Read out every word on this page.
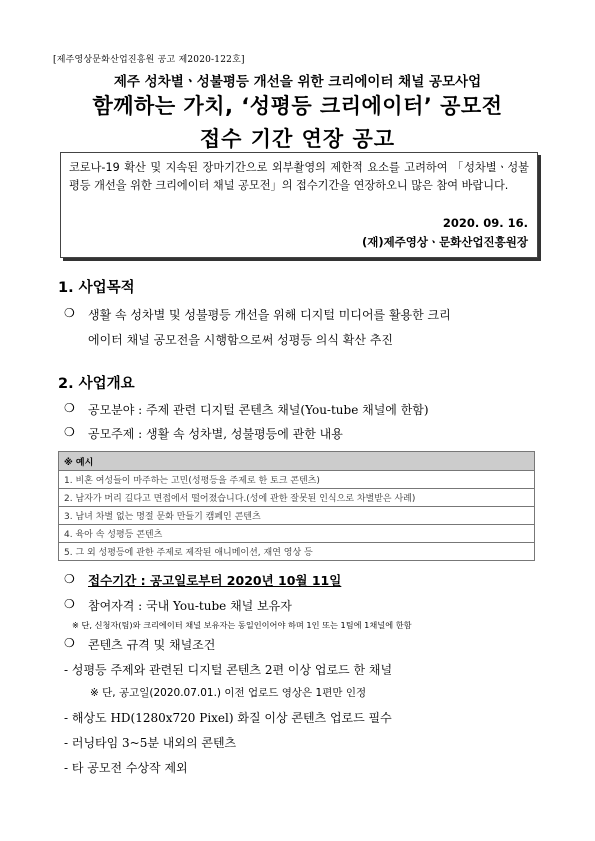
[제주영상문화산업진흥원 공고 제2020-122호]
제주 성차별ㆍ성불평등 개선을 위한 크리에이터 채널 공모사업
함께하는 가치, ‘성평등 크리에이터’ 공모전
접수 기간 연장 공고
코로나-19 확산 및 지속된 장마기간으로 외부촬영의 제한적 요소를 고려하여 「성차별ㆍ성불평등 개선을 위한 크리에이터 채널 공모전」의 접수기간을 연장하오니 많은 참여 바랍니다.
2020. 09. 16.
(재)제주영상ㆍ문화산업진흥원장
1. 사업목적
❍ 생활 속 성차별 및 성불평등 개선을 위해 디지털 미디어를 활용한 크리
에이터 채널 공모전을 시행함으로써 성평등 의식 확산 추진
2. 사업개요
❍ 공모분야 : 주제 관련 디지털 콘텐츠 채널(You-tube 채널에 한함)
❍ 공모주제 : 생활 속 성차별, 성불평등에 관한 내용
※ 예시
1. 비혼 여성들이 마주하는 고민(성평등을 주제로 한 토크 콘텐츠)
2. 남자가 머리 길다고 면접에서 떨어졌습니다.(성에 관한 잘못된 인식으로 차별받은 사례)
3. 남녀 차별 없는 명절 문화 만들기 캠페인 콘텐츠
4. 육아 속 성평등 콘텐츠
5. 그 외 성평등에 관한 주제로 제작된 애니메이션, 재연 영상 등
❍ 접수기간 : 공고일로부터 2020년 10월 11일
❍ 참여자격 : 국내 You-tube 채널 보유자
※ 단, 신청자(팀)와 크리에이터 채널 보유자는 동일인이어야 하며 1인 또는 1팀에 1채널에 한함
❍ 콘텐츠 규격 및 채널조건
- 성평등 주제와 관련된 디지털 콘텐츠 2편 이상 업로드 한 채널
※ 단, 공고일(2020.07.01.) 이전 업로드 영상은 1편만 인정
- 해상도 HD(1280x720 Pixel) 화질 이상 콘텐츠 업로드 필수
- 러닝타임 3~5분 내외의 콘텐츠
- 타 공모전 수상작 제외
